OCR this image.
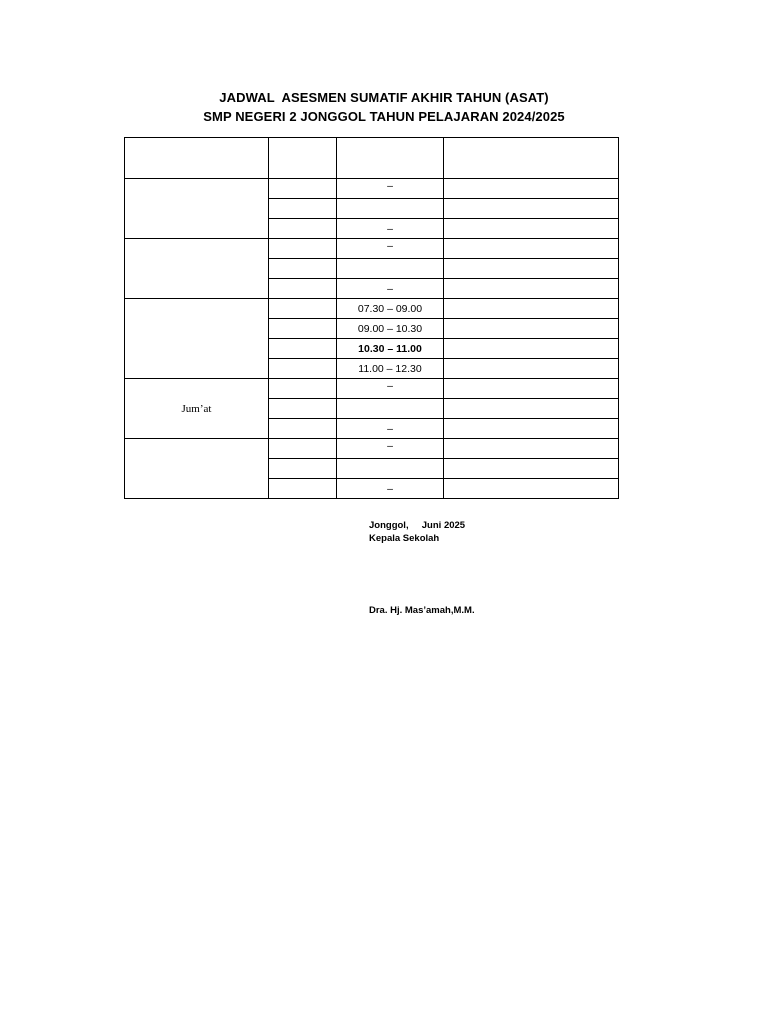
JADWAL  ASESMEN SUMATIF AKHIR TAHUN (ASAT)
SMP NEGERI 2 JONGGOL TAHUN PELAJARAN 2024/2025

		–	

		–	
		–	

		–	
		07.30 – 09.00	
		09.00 – 10.30	
		10.30 – 11.00	
		11.00 – 12.30	
Jum’at		–	

		–	
		–	

		–	
Jonggol,     Juni 2025
Kepala Sekolah
Dra. Hj. Mas’amah,M.M.
